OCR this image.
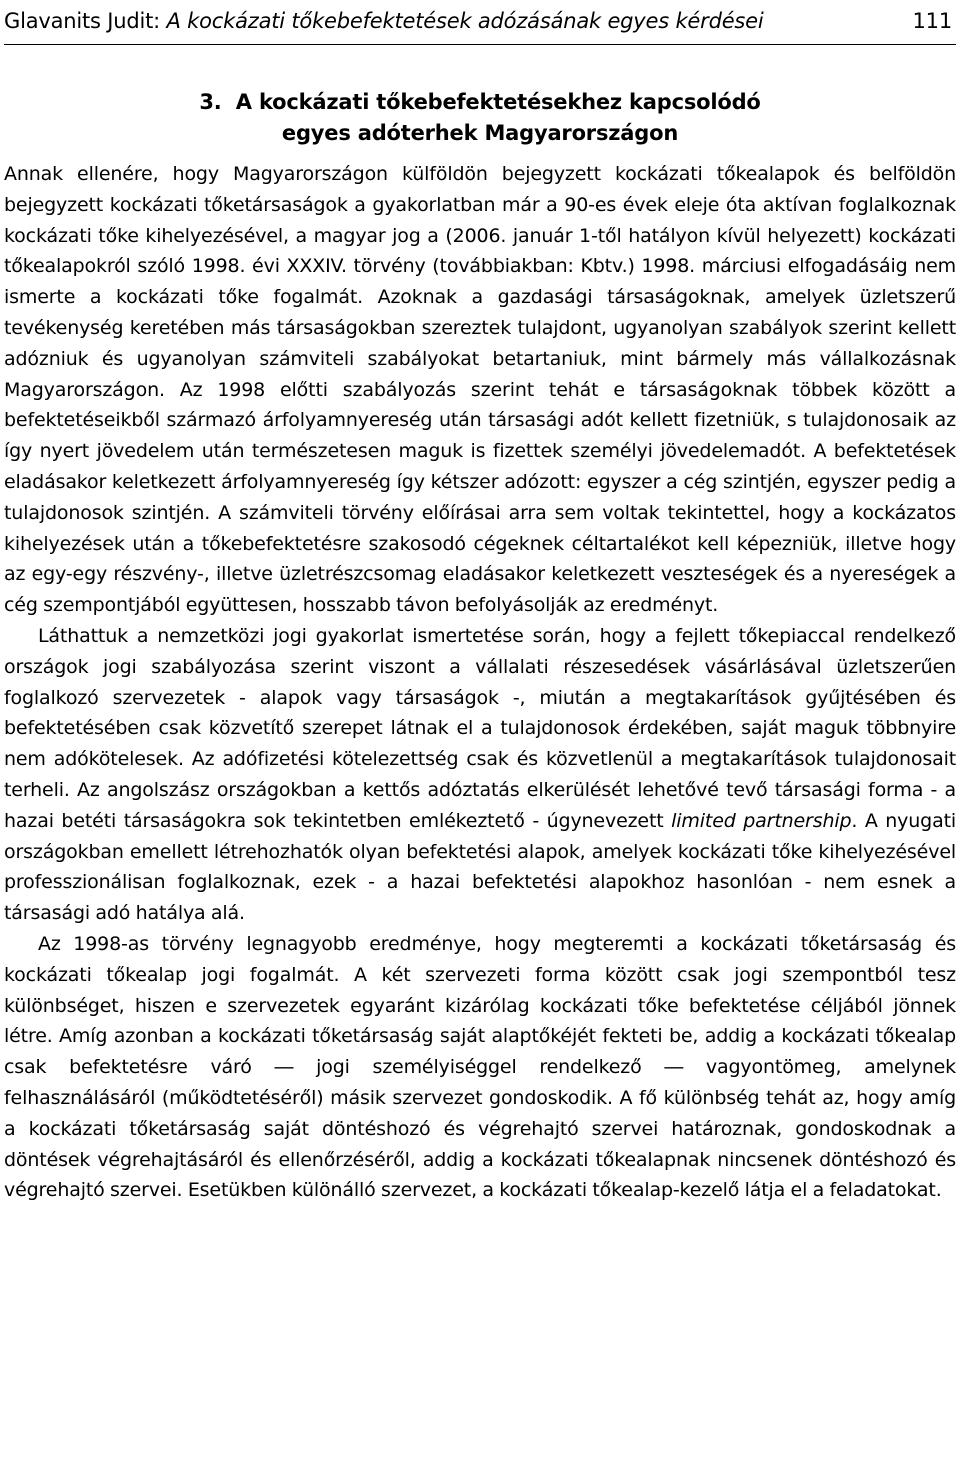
Glavanits Judit: A kockázati tőkebefektetések adózásának egyes kérdései	111
3. A kockázati tőkebefektetésekhez kapcsolódó
egyes adóterhek Magyarországon

Annak ellenére, hogy Magyarországon külföldön bejegyzett kockázati tőkealapok és belföldön bejegyzett kockázati tőketársaságok a gyakorlatban már a 90-es évek eleje óta aktívan foglalkoznak kockázati tőke kihelyezésével, a magyar jog a (2006. január 1-től hatályon kívül helyezett) kockázati tőkealapokról szóló 1998. évi XXXIV. törvény (továbbiakban: Kbtv.) 1998. márciusi elfogadásáig nem ismerte a kockázati tőke fogalmát. Azoknak a gazdasági társaságoknak, amelyek üzletszerű tevékenység keretében más társaságokban szereztek tulajdont, ugyanolyan szabályok szerint kellett adózniuk és ugyanolyan számviteli szabályokat betartaniuk, mint bármely más vállalkozásnak Magyarországon. Az 1998 előtti szabályozás szerint tehát e társaságoknak többek között a befektetéseikből származó árfolyamnyereség után társasági adót kellett fizetniük, s tulajdonosaik az így nyert jövedelem után természetesen maguk is fizettek személyi jövedelemadót. A befektetések eladásakor keletkezett árfolyamnyereség így kétszer adózott: egyszer a cég szintjén, egyszer pedig a tulajdonosok szintjén. A számviteli törvény előírásai arra sem voltak tekintettel, hogy a kockázatos kihelyezések után a tőkebefektetésre szakosodó cégeknek céltartalékot kell képezniük, illetve hogy az egy-egy részvény-, illetve üzletrészcsomag eladásakor keletkezett veszteségek és a nyereségek a cég szempontjából együttesen, hosszabb távon befolyásolják az eredményt.

Láthattuk a nemzetközi jogi gyakorlat ismertetése során, hogy a fejlett tőkepiaccal rendelkező országok jogi szabályozása szerint viszont a vállalati részesedések vásárlásával üzletszerűen foglalkozó szervezetek - alapok vagy társaságok -, miután a megtakarítások gyűjtésében és befektetésében csak közvetítő szerepet látnak el a tulajdonosok érdekében, saját maguk többnyire nem adókötelesek. Az adófizetési kötelezettség csak és közvetlenül a megtakarítások tulajdonosait terheli. Az angolszász országokban a kettős adóztatás elkerülését lehetővé tevő társasági forma - a hazai betéti társaságokra sok tekintetben emlékeztető - úgynevezett limited partnership. A nyugati országokban emellett létrehozhatók olyan befektetési alapok, amelyek kockázati tőke kihelyezésével professzionálisan foglalkoznak, ezek - a hazai befektetési alapokhoz hasonlóan - nem esnek a társasági adó hatálya alá.

Az 1998-as törvény legnagyobb eredménye, hogy megteremti a kockázati tőketársaság és kockázati tőkealap jogi fogalmát. A két szervezeti forma között csak jogi szempontból tesz különbséget, hiszen e szervezetek egyaránt kizárólag kockázati tőke befektetése céljából jönnek létre. Amíg azonban a kockázati tőketársaság saját alaptőkéjét fekteti be, addig a kockázati tőkealap csak befektetésre váró ― jogi személyiséggel rendelkező ― vagyontömeg, amelynek felhasználásáról (működtetéséről) másik szervezet gondoskodik. A fő különbség tehát az, hogy amíg a kockázati tőketársaság saját döntéshozó és végrehajtó szervei határoznak, gondoskodnak a döntések végrehajtásáról és ellenőrzéséről, addig a kockázati tőkealapnak nincsenek döntéshozó és végrehajtó szervei. Esetükben különálló szervezet, a kockázati tőkealap-kezelő látja el a feladatokat.
